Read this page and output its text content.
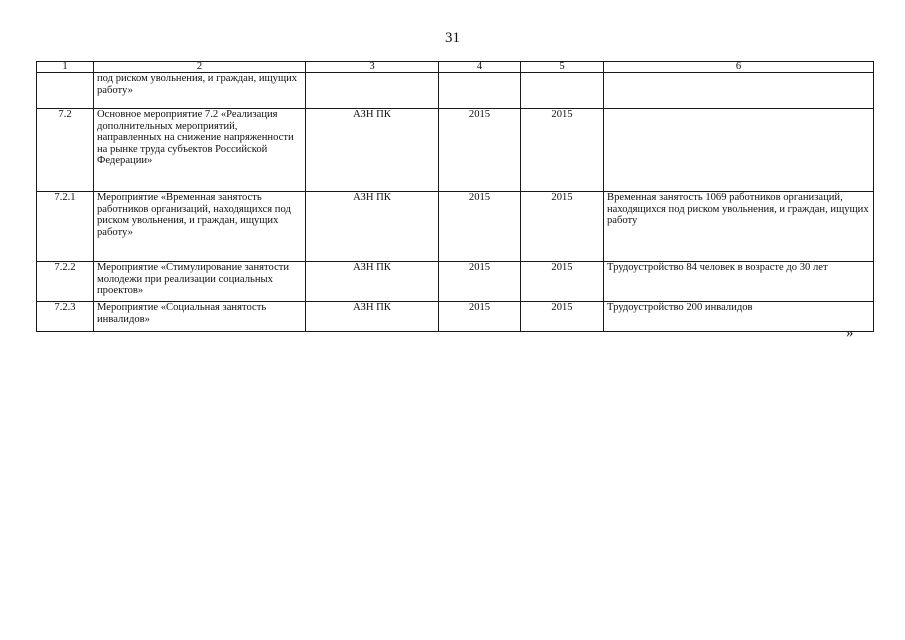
31
1	2	3	4	5	6
	под риском увольнения, и граждан, ищущих работу»				
7.2	Основное мероприятие 7.2 «Реализация дополнительных мероприятий, направленных на снижение напряженности на рынке труда субъектов Российской Федерации»	АЗН ПК	2015	2015	
7.2.1	Мероприятие «Временная занятость работников организаций, находящихся под риском увольнения, и граждан, ищущих работу»	АЗН ПК	2015	2015	Временная занятость 1069 работников организаций, находящихся под риском увольнения, и граждан, ищущих работу
7.2.2	Мероприятие «Стимулирование занятости молодежи при реализации социальных проектов»	АЗН ПК	2015	2015	Трудоустройство 84 человек в возрасте до 30 лет
7.2.3	Мероприятие «Социальная занятость инвалидов»	АЗН ПК	2015	2015	Трудоустройство 200 инвалидов
»
